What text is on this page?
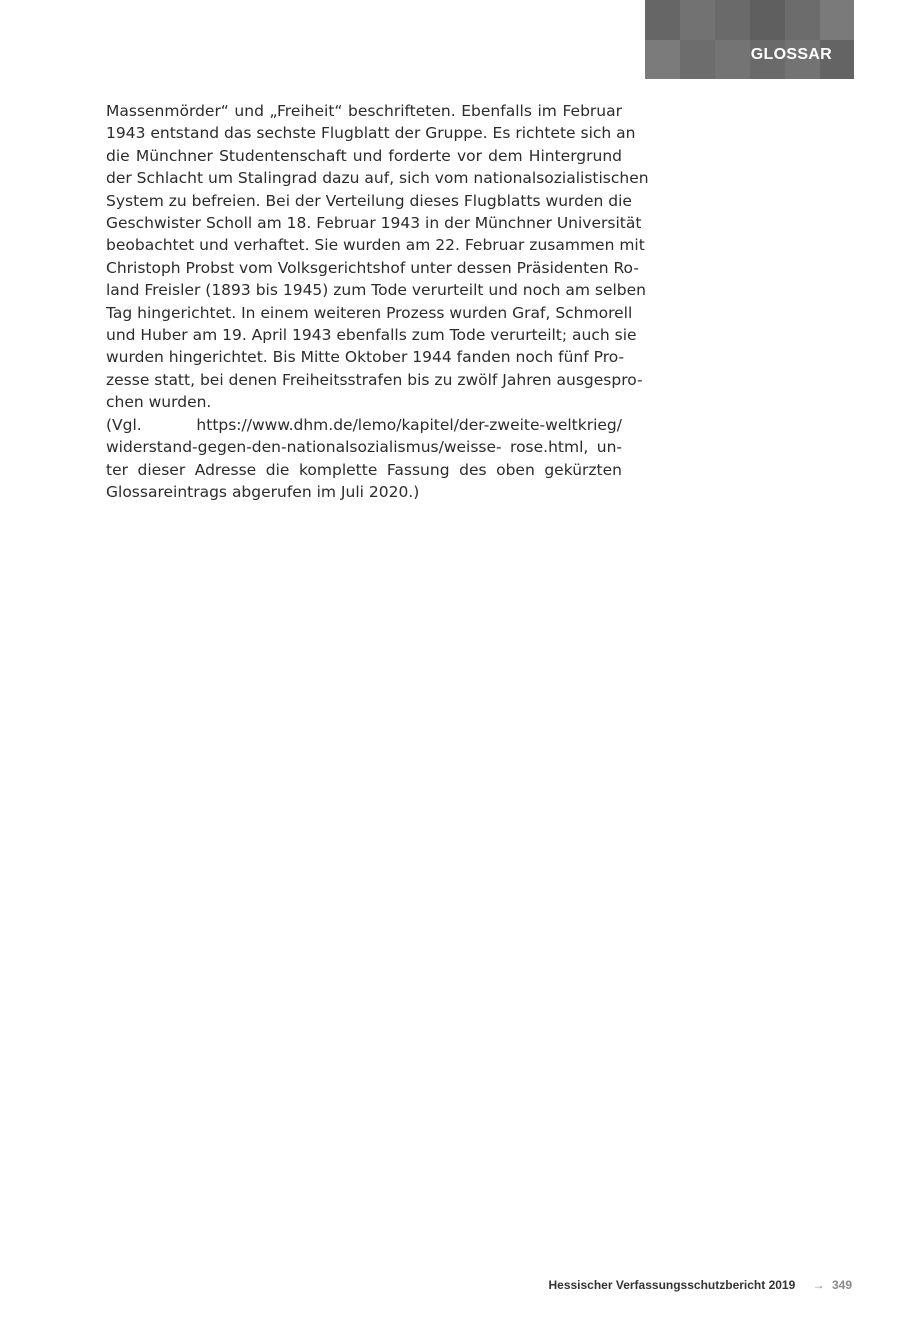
GLOSSAR
Massenmörder“ und „Freiheit“ beschrifteten. Ebenfalls im Februar
1943 entstand das sechste Flugblatt der Gruppe. Es richtete sich an
die Münchner Studentenschaft und forderte vor dem Hintergrund
der Schlacht um Stalingrad dazu auf, sich vom nationalsozialistischen
System zu befreien. Bei der Verteilung dieses Flugblatts wurden die
Geschwister Scholl am 18. Februar 1943 in der Münchner Universität
beobachtet und verhaftet. Sie wurden am 22. Februar zusammen mit
Christoph Probst vom Volksgerichtshof unter dessen Präsidenten Ro-
land Freisler (1893 bis 1945) zum Tode verurteilt und noch am selben
Tag hingerichtet. In einem weiteren Prozess wurden Graf, Schmorell
und Huber am 19. April 1943 ebenfalls zum Tode verurteilt; auch sie
wurden hingerichtet. Bis Mitte Oktober 1944 fanden noch fünf Pro-
zesse statt, bei denen Freiheitsstrafen bis zu zwölf Jahren ausgespro-
chen wurden.
(Vgl. https://www.dhm.de/lemo/kapitel/der-zweite-weltkrieg/
widerstand-gegen-den-nationalsozialismus/weisse- rose.html, un-
ter dieser Adresse die komplette Fassung des oben gekürzten
Glossareintrags abgerufen im Juli 2020.)
Hessischer Verfassungsschutzbericht 2019 → 349
